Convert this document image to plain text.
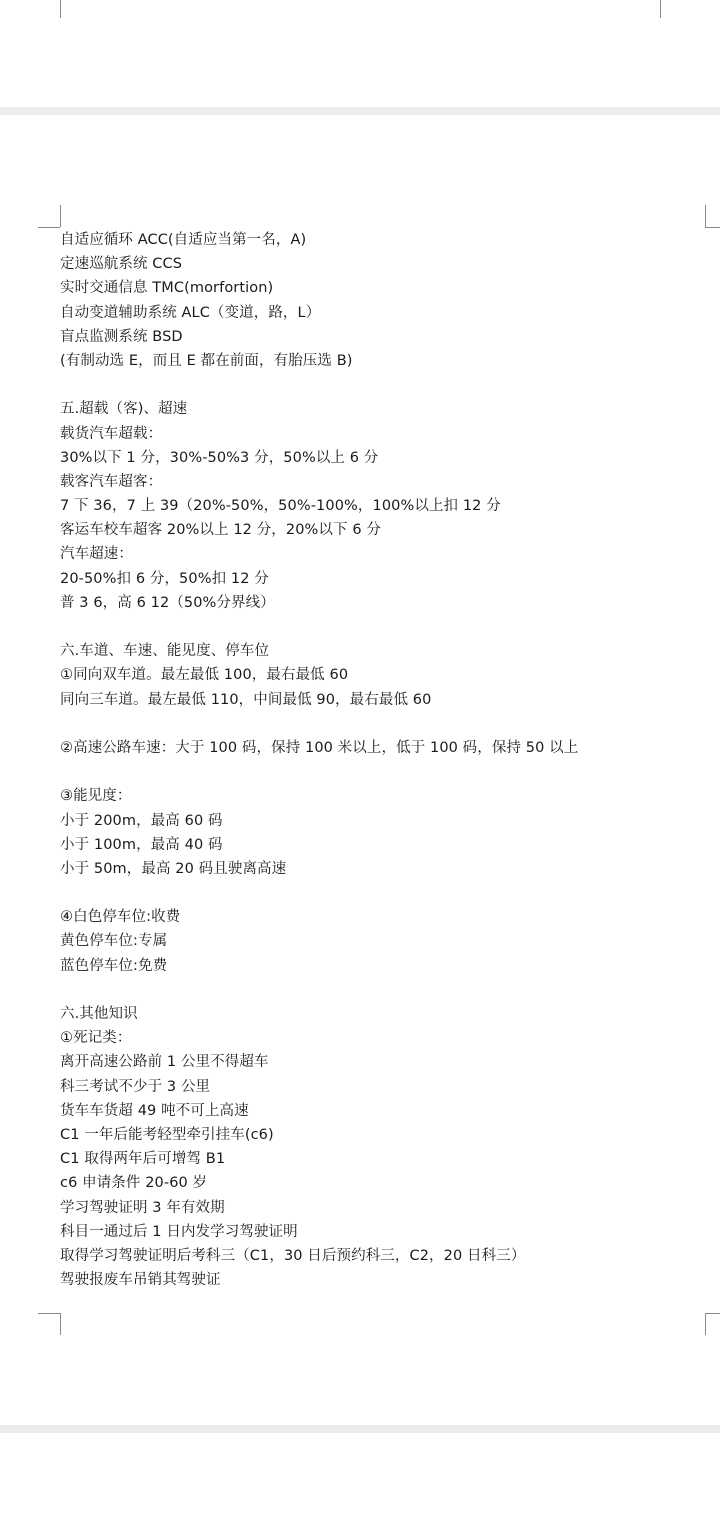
自适应循环 ACC(自适应当第一名，A)
定速巡航系统 CCS
实时交通信息 TMC(morfortion)
自动变道辅助系统 ALC（变道，路，L）
盲点监测系统 BSD
(有制动选 E，而且 E 都在前面，有胎压选 B)
五.超载（客)、超速
载货汽车超载：
30%以下 1 分，30%-50%3 分，50%以上 6 分
载客汽车超客：
7 下 36，7 上 39（20%-50%，50%-100%，100%以上扣 12 分
客运车校车超客 20%以上 12 分，20%以下 6 分
汽车超速：
20-50%扣 6 分，50%扣 12 分
普 3 6，高 6 12（50%分界线）
六.车道、车速、能见度、停车位
①同向双车道。最左最低 100，最右最低 60
同向三车道。最左最低 110，中间最低 90，最右最低 60
②高速公路车速：大于 100 码，保持 100 米以上，低于 100 码，保持 50 以上
③能见度：
小于 200m，最高 60 码
小于 100m，最高 40 码
小于 50m，最高 20 码且驶离高速
④白色停车位:收费
黄色停车位:专属
蓝色停车位:免费
六.其他知识
①死记类：
离开高速公路前 1 公里不得超车
科三考试不少于 3 公里
货车车货超 49 吨不可上高速
C1 一年后能考轻型牵引挂车(c6)
C1 取得两年后可增驾 B1
c6 申请条件 20-60 岁
学习驾驶证明 3 年有效期
科目一通过后 1 日内发学习驾驶证明
取得学习驾驶证明后考科三（C1，30 日后预约科三，C2，20 日科三）
驾驶报废车吊销其驾驶证
